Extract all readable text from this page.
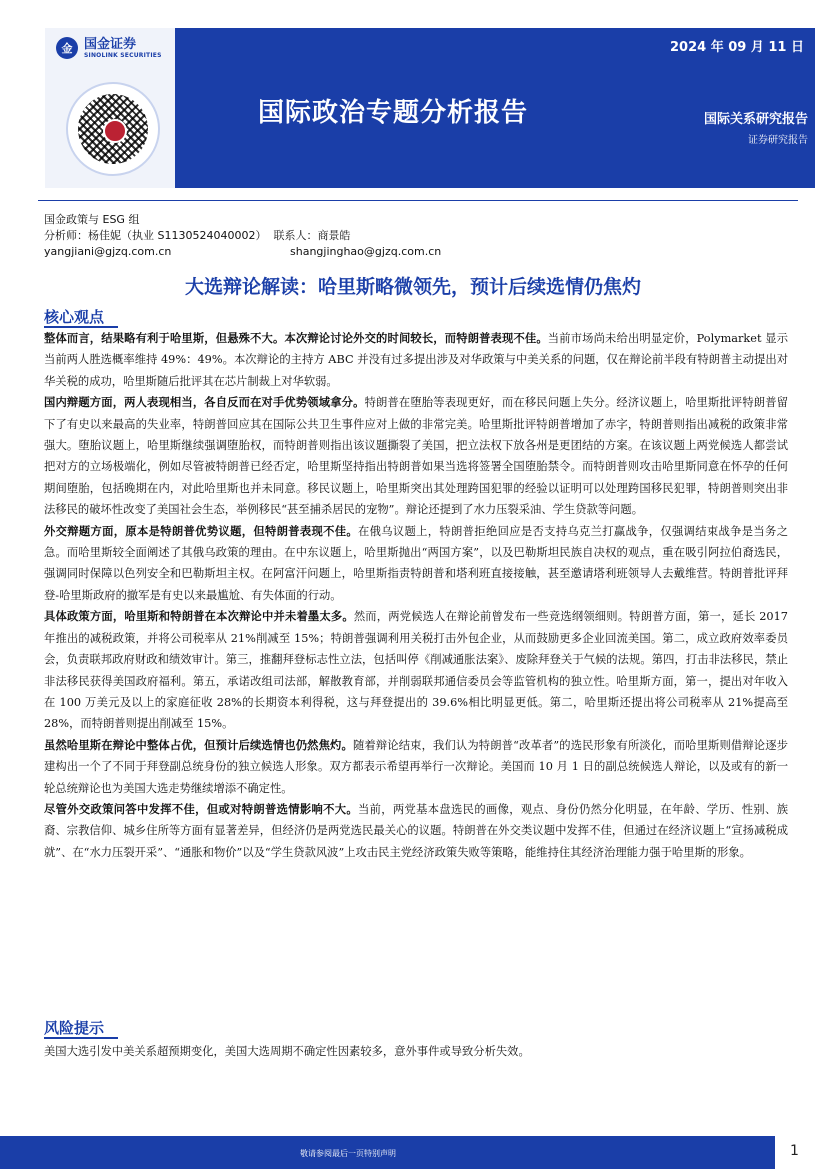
金 国金证券
SINOLINK SECURITIES	2024 年 09 月 11 日
国际政治专题分析报告	国际关系研究报告
证券研究报告
国金政策与 ESG 组
分析师：杨佳妮（执业 S1130524040002） 联系人：商景皓
yangjiani@gjzq.com.cn	shangjinghao@gjzq.com.cn
大选辩论解读：哈里斯略微领先，预计后续选情仍焦灼
核心观点

整体而言，结果略有利于哈里斯，但悬殊不大。本次辩论讨论外交的时间较长，而特朗普表现不佳。当前市场尚未给出明显定价，Polymarket 显示当前两人胜选概率维持 49%：49%。本次辩论的主持方 ABC 并没有过多提出涉及对华政策与中美关系的问题，仅在辩论前半段有特朗普主动提出对华关税的成功，哈里斯随后批评其在芯片制裁上对华软弱。

国内辩题方面，两人表现相当，各自反而在对手优势领域拿分。特朗普在堕胎等表现更好，而在移民问题上失分。经济议题上，哈里斯批评特朗普留下了有史以来最高的失业率，特朗普回应其在国际公共卫生事件应对上做的非常完美。哈里斯批评特朗普增加了赤字，特朗普则指出减税的政策非常强大。堕胎议题上，哈里斯继续强调堕胎权，而特朗普则指出该议题撕裂了美国，把立法权下放各州是更团结的方案。在该议题上两党候选人都尝试把对方的立场极端化，例如尽管被特朗普已经否定，哈里斯坚持指出特朗普如果当选将签署全国堕胎禁令。而特朗普则攻击哈里斯同意在怀孕的任何期间堕胎，包括晚期在内，对此哈里斯也并未同意。移民议题上，哈里斯突出其处理跨国犯罪的经验以证明可以处理跨国移民犯罪，特朗普则突出非法移民的破坏性改变了美国社会生态，举例移民“甚至捕杀居民的宠物”。辩论还提到了水力压裂采油、学生贷款等问题。

外交辩题方面，原本是特朗普优势议题，但特朗普表现不佳。在俄乌议题上，特朗普拒绝回应是否支持乌克兰打赢战争，仅强调结束战争是当务之急。而哈里斯较全面阐述了其俄乌政策的理由。在中东议题上，哈里斯抛出“两国方案”，以及巴勒斯坦民族自决权的观点，重在吸引阿拉伯裔选民，强调同时保障以色列安全和巴勒斯坦主权。在阿富汗问题上，哈里斯指责特朗普和塔利班直接接触，甚至邀请塔利班领导人去戴维营。特朗普批评拜登-哈里斯政府的撤军是有史以来最尴尬、有失体面的行动。

具体政策方面，哈里斯和特朗普在本次辩论中并未着墨太多。然而，两党候选人在辩论前曾发布一些竞选纲领细则。特朗普方面，第一，延长 2017 年推出的减税政策，并将公司税率从 21%削减至 15%；特朗普强调利用关税打击外包企业，从而鼓励更多企业回流美国。第二，成立政府效率委员会，负责联邦政府财政和绩效审计。第三，推翻拜登标志性立法，包括叫停《削减通胀法案》、废除拜登关于气候的法规。第四，打击非法移民，禁止非法移民获得美国政府福利。第五，承诺改组司法部，解散教育部，并削弱联邦通信委员会等监管机构的独立性。哈里斯方面，第一，提出对年收入在 100 万美元及以上的家庭征收 28%的长期资本利得税，这与拜登提出的 39.6%相比明显更低。第二，哈里斯还提出将公司税率从 21%提高至 28%，而特朗普则提出削减至 15%。

虽然哈里斯在辩论中整体占优，但预计后续选情也仍然焦灼。随着辩论结束，我们认为特朗普“改革者”的选民形象有所淡化，而哈里斯则借辩论逐步建构出一个了不同于拜登副总统身份的独立候选人形象。双方都表示希望再举行一次辩论。美国而 10 月 1 日的副总统候选人辩论，以及或有的新一轮总统辩论也为美国大选走势继续增添不确定性。

尽管外交政策问答中发挥不佳，但或对特朗普选情影响不大。当前，两党基本盘选民的画像，观点、身份仍然分化明显，在年龄、学历、性别、族裔、宗教信仰、城乡住所等方面有显著差异，但经济仍是两党选民最关心的议题。特朗普在外交类议题中发挥不佳，但通过在经济议题上“宣扬减税成就”、在“水力压裂开采”、“通胀和物价”以及“学生贷款风波”上攻击民主党经济政策失败等策略，能维持住其经济治理能力强于哈里斯的形象。

风险提示
美国大选引发中美关系超预期变化，美国大选周期不确定性因素较多，意外事件或导致分析失效。
敬请参阅最后一页特别声明	1
